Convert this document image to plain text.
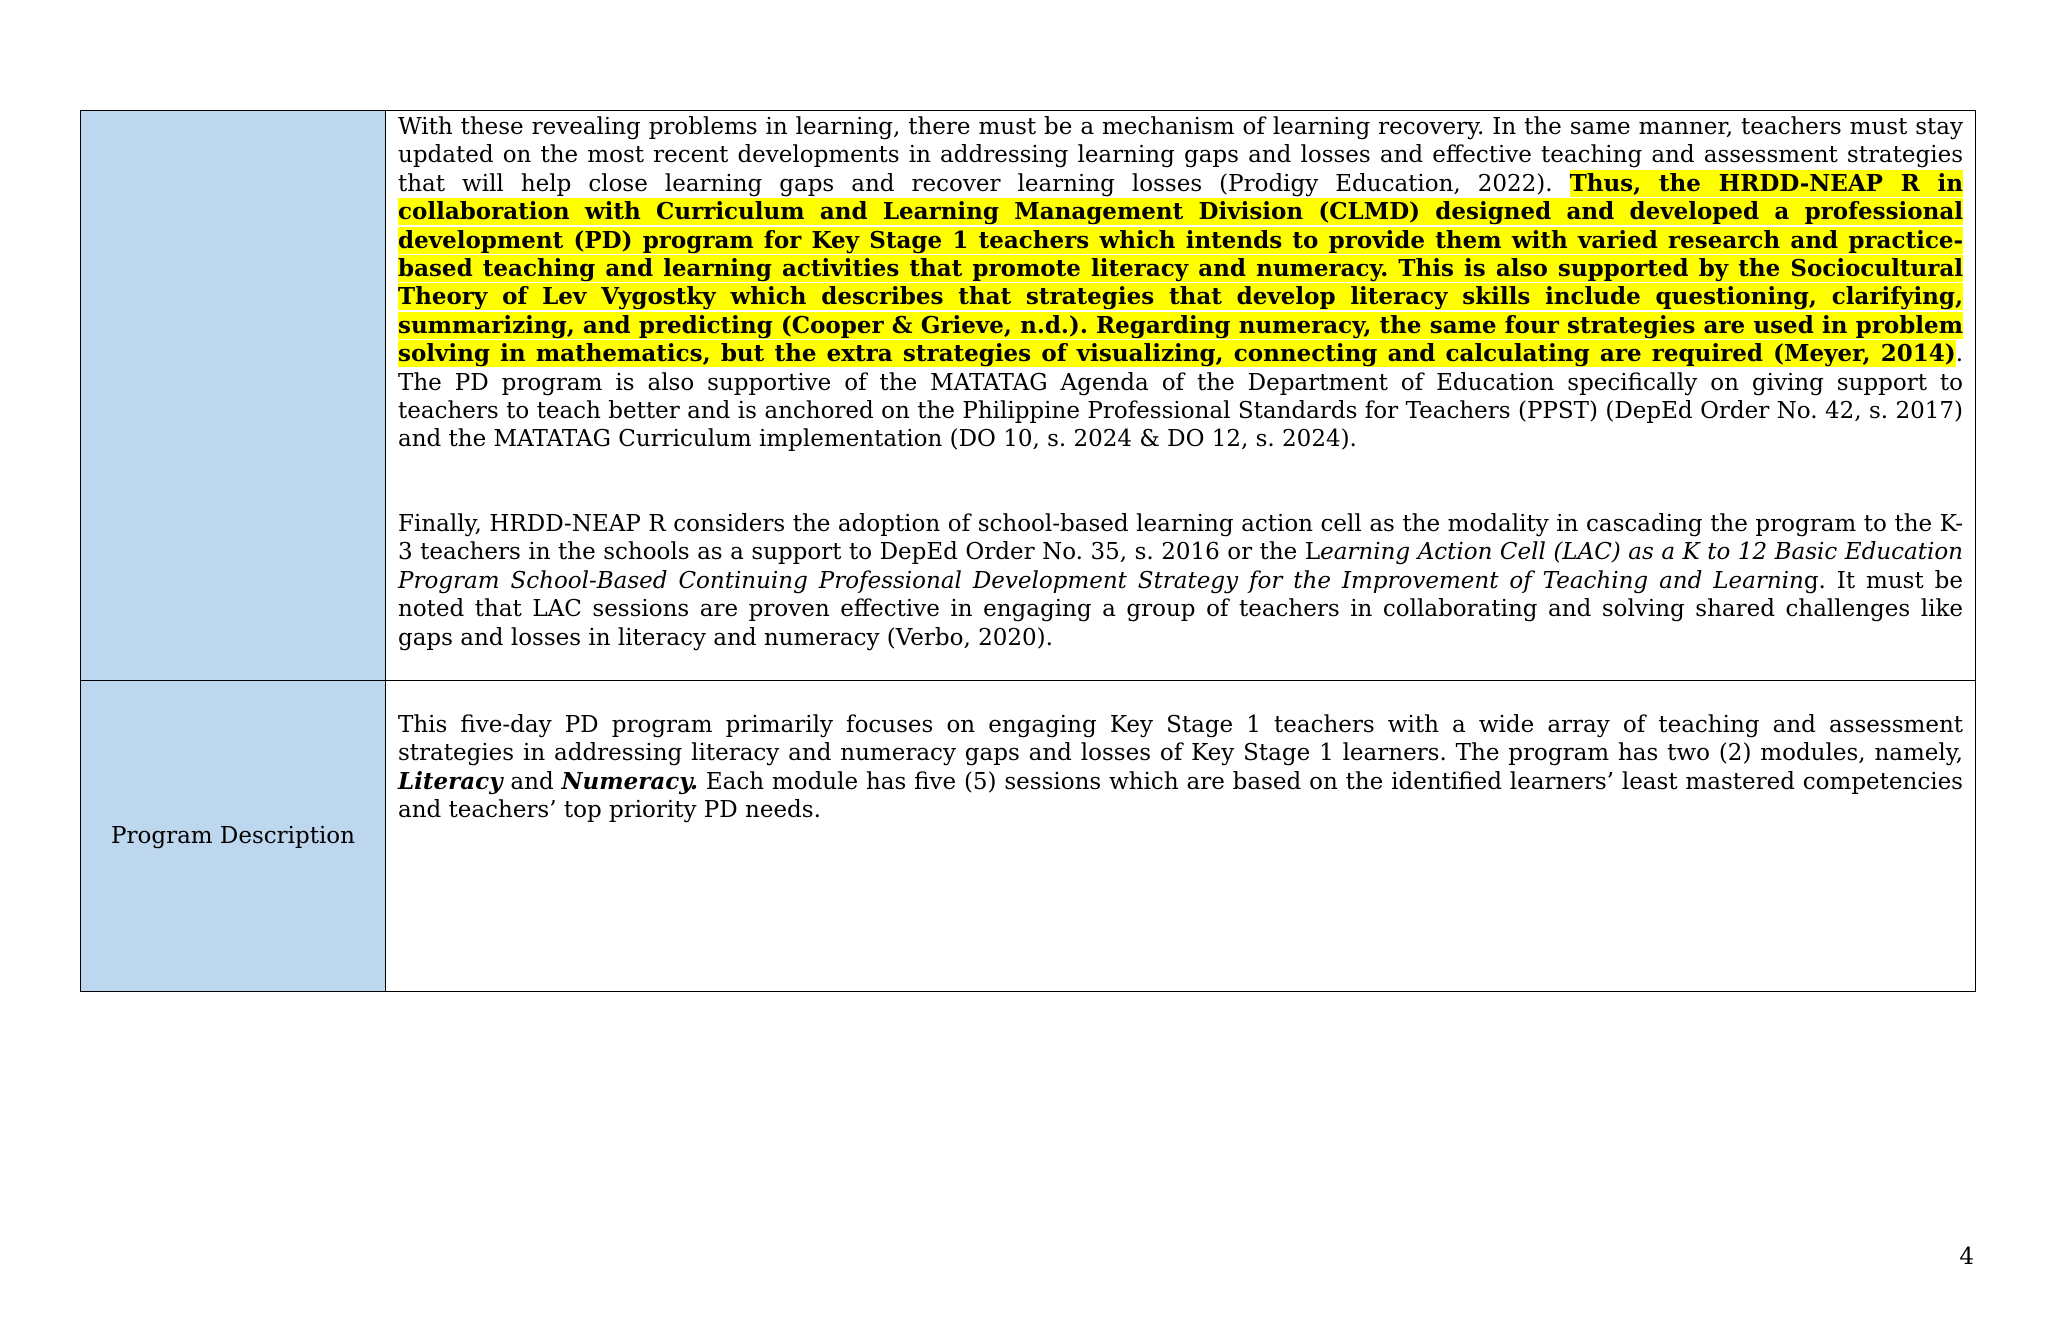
	With these revealing problems in learning, there must be a mechanism of learning recovery. In the same manner, teachers must stay updated on the most recent developments in addressing learning gaps and losses and effective teaching and assessment strategies that will help close learning gaps and recover learning losses (Prodigy Education, 2022). Thus, the HRDD-NEAP R in collaboration with Curriculum and Learning Management Division (CLMD) designed and developed a professional development (PD) program for Key Stage 1 teachers which intends to provide them with varied research and practice-based teaching and learning activities that promote literacy and numeracy. This is also supported by the Sociocultural Theory of Lev Vygostky which describes that strategies that develop literacy skills include questioning, clarifying, summarizing, and predicting (Cooper & Grieve, n.d.). Regarding numeracy, the same four strategies are used in problem solving in mathematics, but the extra strategies of visualizing, connecting and calculating are required (Meyer, 2014). The PD program is also supportive of the MATATAG Agenda of the Department of Education specifically on giving support to teachers to teach better and is anchored on the Philippine Professional Standards for Teachers (PPST) (DepEd Order No. 42, s. 2017) and the MATATAG Curriculum implementation (DO 10, s. 2024 & DO 12, s. 2024).

Finally, HRDD-NEAP R considers the adoption of school-based learning action cell as the modality in cascading the program to the K-3 teachers in the schools as a support to DepEd Order No. 35, s. 2016 or the Learning Action Cell (LAC) as a K to 12 Basic Education Program School-Based Continuing Professional Development Strategy for the Improvement of Teaching and Learning. It must be noted that LAC sessions are proven effective in engaging a group of teachers in collaborating and solving shared challenges like gaps and losses in literacy and numeracy (Verbo, 2020).

Program Description	This five-day PD program primarily focuses on engaging Key Stage 1 teachers with a wide array of teaching and assessment strategies in addressing literacy and numeracy gaps and losses of Key Stage 1 learners. The program has two (2) modules, namely, Literacy and Numeracy. Each module has five (5) sessions which are based on the identified learners’ least mastered competencies and teachers’ top priority PD needs.

4
